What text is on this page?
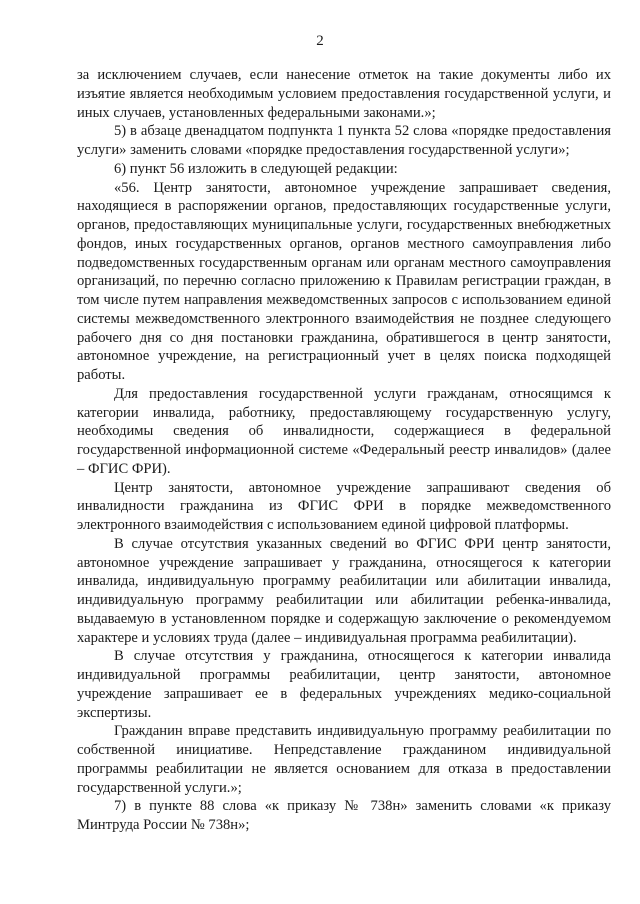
2

за исключением случаев, если нанесение отметок на такие документы либо их изъятие является необходимым условием предоставления государственной услуги, и иных случаев, установленных федеральными законами.»;

5) в абзаце двенадцатом подпункта 1 пункта 52 слова «порядке предоставления услуги» заменить словами «порядке предоставления государственной услуги»;

6) пункт 56 изложить в следующей редакции:

«56. Центр занятости, автономное учреждение запрашивает сведения, находящиеся в распоряжении органов, предоставляющих государственные услуги, органов, предоставляющих муниципальные услуги, государственных внебюджетных фондов, иных государственных органов, органов местного самоуправления либо подведомственных государственным органам или органам местного самоуправления организаций, по перечню согласно приложению к Правилам регистрации граждан, в том числе путем направления межведомственных запросов с использованием единой системы межведомственного электронного взаимодействия не позднее следующего рабочего дня со дня постановки гражданина, обратившегося в центр занятости, автономное учреждение, на регистрационный учет в целях поиска подходящей работы.

Для предоставления государственной услуги гражданам, относящимся к категории инвалида, работнику, предоставляющему государственную услугу, необходимы сведения об инвалидности, содержащиеся в федеральной государственной информационной системе «Федеральный реестр инвалидов» (далее – ФГИС ФРИ).

Центр занятости, автономное учреждение запрашивают сведения об инвалидности гражданина из ФГИС ФРИ в порядке межведомственного электронного взаимодействия с использованием единой цифровой платформы.

В случае отсутствия указанных сведений во ФГИС ФРИ центр занятости, автономное учреждение запрашивает у гражданина, относящегося к категории инвалида, индивидуальную программу реабилитации или абилитации инвалида, индивидуальную программу реабилитации или абилитации ребенка-инвалида, выдаваемую в установленном порядке и содержащую заключение о рекомендуемом характере и условиях труда (далее – индивидуальная программа реабилитации).

В случае отсутствия у гражданина, относящегося к категории инвалида индивидуальной программы реабилитации, центр занятости, автономное учреждение запрашивает ее в федеральных учреждениях медико-социальной экспертизы.

Гражданин вправе представить индивидуальную программу реабилитации по собственной инициативе. Непредставление гражданином индивидуальной программы реабилитации не является основанием для отказа в предоставлении государственной услуги.»;

7) в пункте 88 слова «к приказу № 738н» заменить словами «к приказу Минтруда России № 738н»;
